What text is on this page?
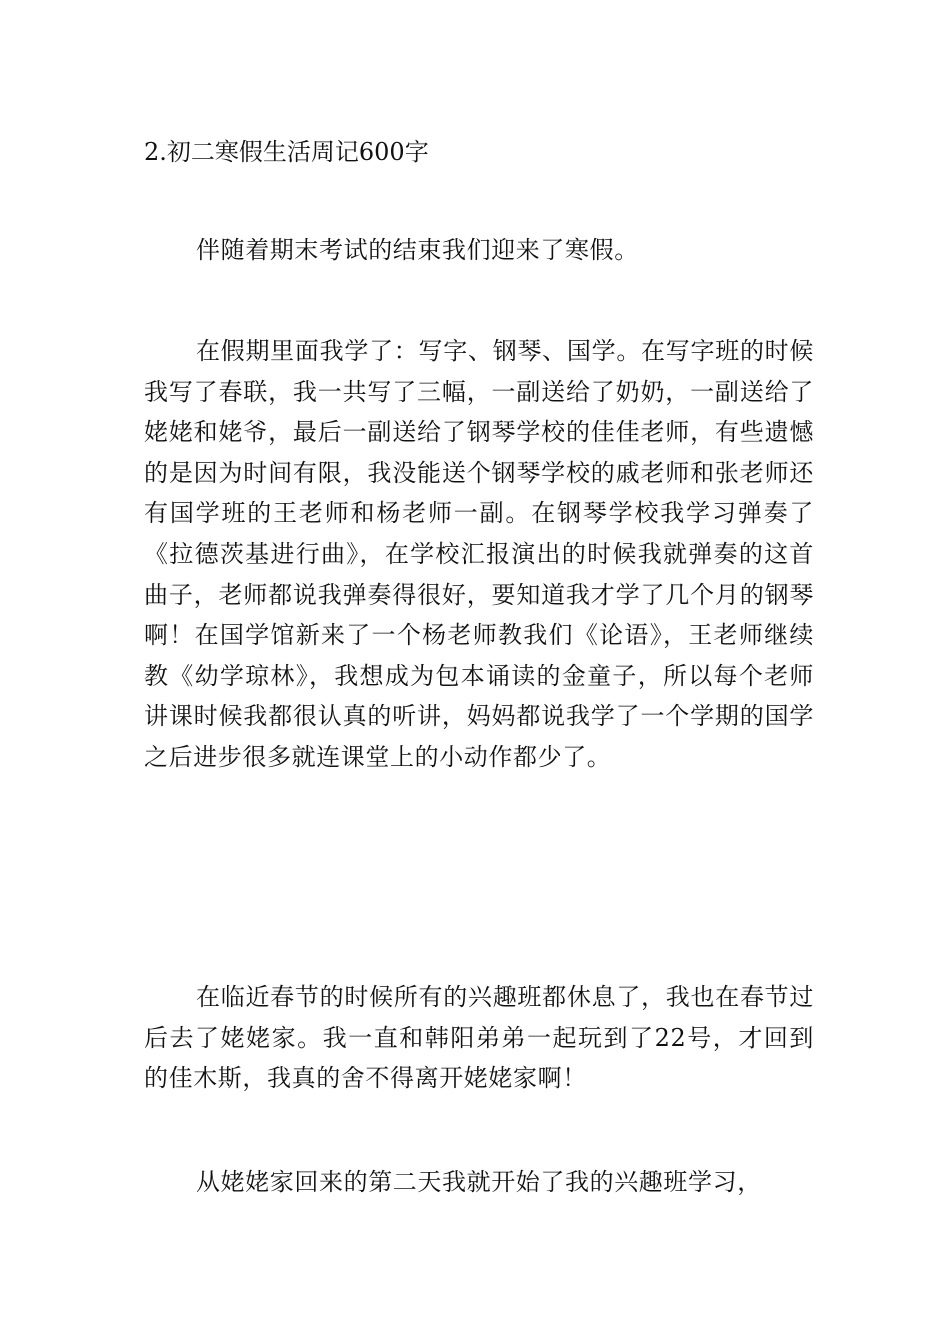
2.初二寒假生活周记600字

伴随着期末考试的结束我们迎来了寒假。

在假期里面我学了：写字、钢琴、国学。在写字班的时候我写了春联，我一共写了三幅，一副送给了奶奶，一副送给了姥姥和姥爷，最后一副送给了钢琴学校的佳佳老师，有些遗憾的是因为时间有限，我没能送个钢琴学校的戚老师和张老师还有国学班的王老师和杨老师一副。在钢琴学校我学习弹奏了《拉德茨基进行曲》，在学校汇报演出的时候我就弹奏的这首曲子，老师都说我弹奏得很好，要知道我才学了几个月的钢琴啊！在国学馆新来了一个杨老师教我们《论语》，王老师继续教《幼学琼林》，我想成为包本诵读的金童子，所以每个老师讲课时候我都很认真的听讲，妈妈都说我学了一个学期的国学之后进步很多就连课堂上的小动作都少了。

在临近春节的时候所有的兴趣班都休息了，我也在春节过后去了姥姥家。我一直和韩阳弟弟一起玩到了22号，才回到的佳木斯，我真的舍不得离开姥姥家啊！

从姥姥家回来的第二天我就开始了我的兴趣班学习，
